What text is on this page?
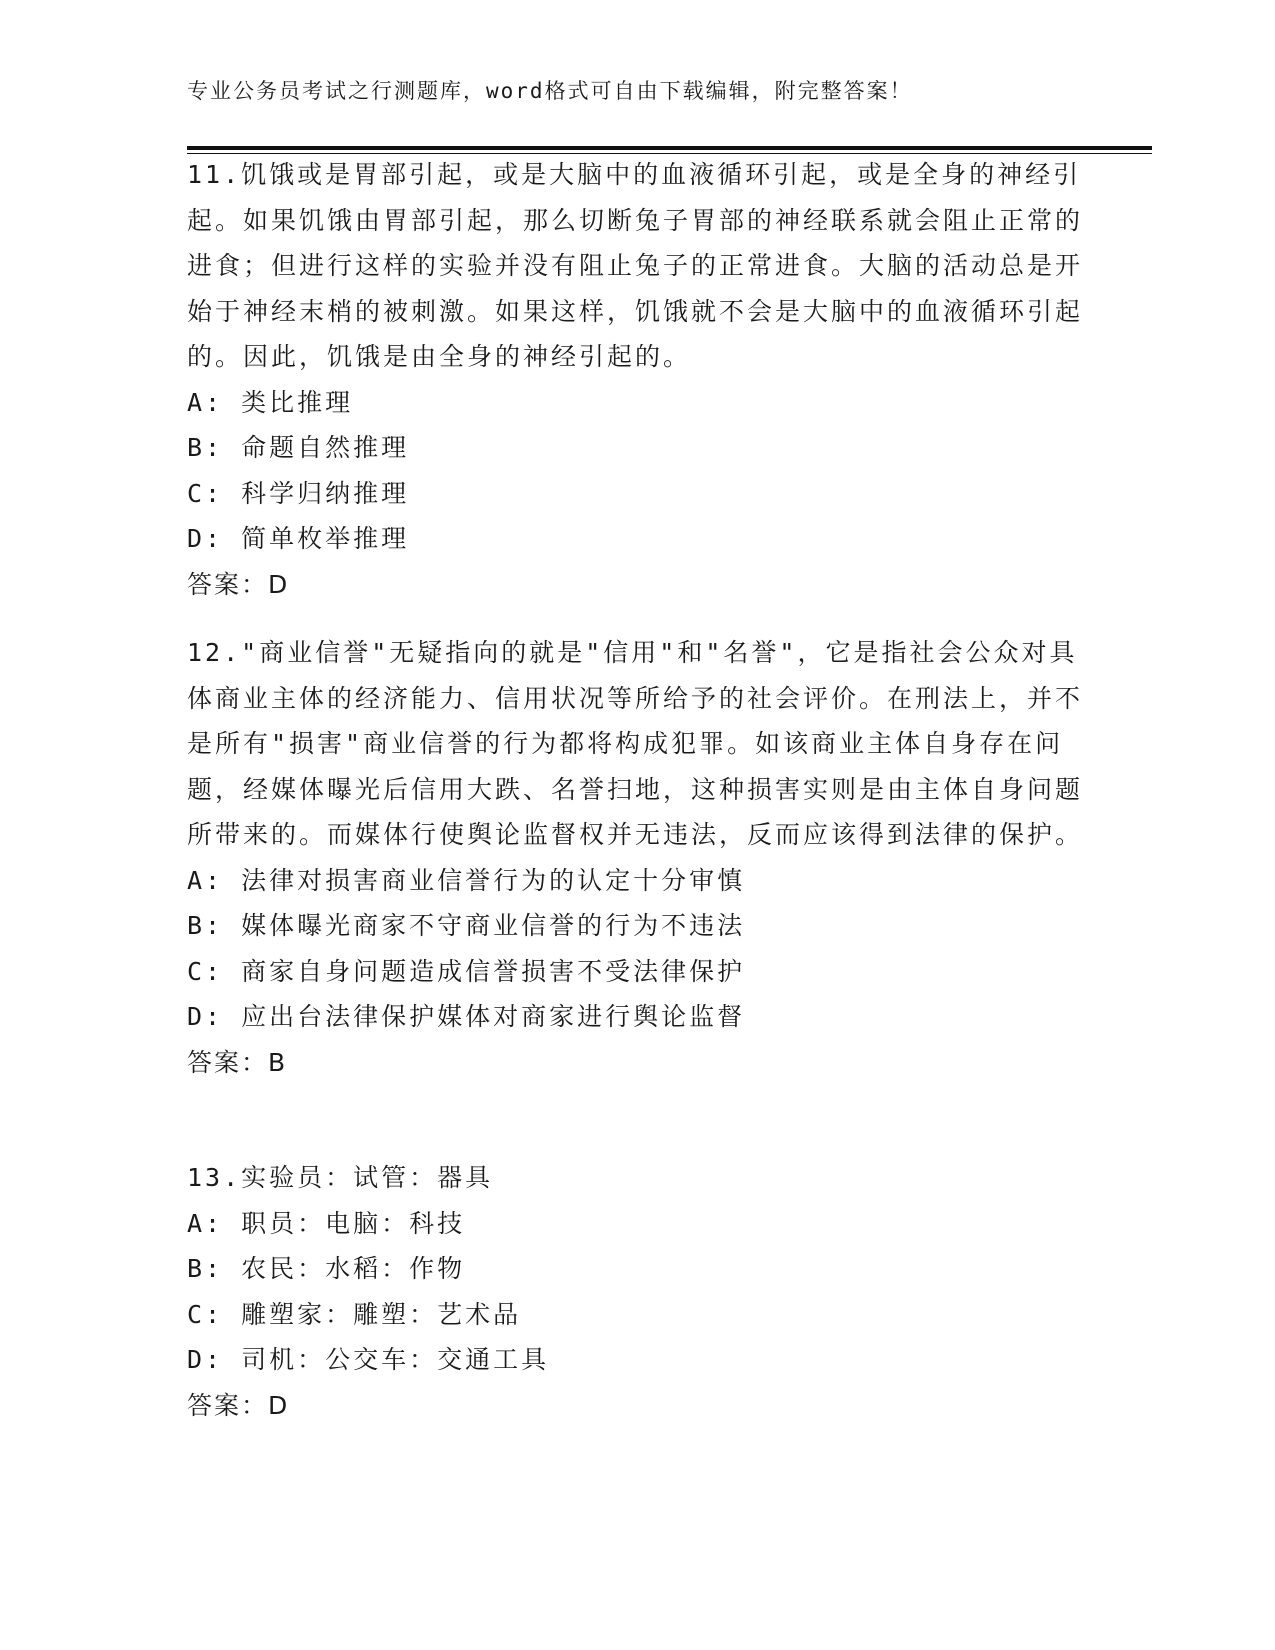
专业公务员考试之行测题库，word格式可自由下载编辑，附完整答案！

11.饥饿或是胃部引起，或是大脑中的血液循环引起，或是全身的神经引起。如果饥饿由胃部引起，那么切断兔子胃部的神经联系就会阻止正常的进食；但进行这样的实验并没有阻止兔子的正常进食。大脑的活动总是开始于神经末梢的被刺激。如果这样，饥饿就不会是大脑中的血液循环引起的。因此，饥饿是由全身的神经引起的。

A: 类比推理

B: 命题自然推理

C: 科学归纳推理

D: 简单枚举推理

答案：D

12."商业信誉"无疑指向的就是"信用"和"名誉"，它是指社会公众对具体商业主体的经济能力、信用状况等所给予的社会评价。在刑法上，并不是所有"损害"商业信誉的行为都将构成犯罪。如该商业主体自身存在问题，经媒体曝光后信用大跌、名誉扫地，这种损害实则是由主体自身问题所带来的。而媒体行使舆论监督权并无违法，反而应该得到法律的保护。

A: 法律对损害商业信誉行为的认定十分审慎

B: 媒体曝光商家不守商业信誉的行为不违法

C: 商家自身问题造成信誉损害不受法律保护

D: 应出台法律保护媒体对商家进行舆论监督

答案：B

13.实验员：试管：器具

A: 职员：电脑：科技

B: 农民：水稻：作物

C: 雕塑家：雕塑：艺术品

D: 司机：公交车：交通工具

答案：D
